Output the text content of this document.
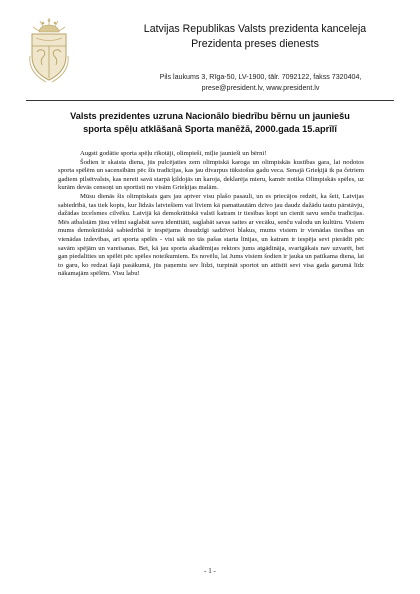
Latvijas Republikas Valsts prezidenta kanceleja
Prezidenta preses dienests
Pils laukums 3, Rīga-50, LV-1900, tālr. 7092122, fakss 7320404,
prese@president.lv, www.president.lv
Valsts prezidentes uzruna Nacionālo biedrību bērnu un jauniešu
sporta spēļu atklāšanā Sporta manēžā, 2000.gada 15.aprīlī

Augsti godātie sporta spēļu rīkotāji, olimpieši, mīļie jaunieši un bērni!

Šodien ir skaista diena, jūs pulcējaties zem olimpiskā karoga un olimpiskās kustības gara, lai nodotos sporta spēlēm un sacensībām pēc šīs tradīcijas, kas jau divarpus tūkstošus gadu veca. Senajā Grieķijā ik pa četriem gadiem pilsētvalsts, kas nereti savā starpā ķildojās un karoja, deklarēja mieru, kamēr notika Olimpiskās spēles, uz kurām devās censoņi un sportisti no visām Grieķijas malām.

Mūsu dienās šis olimpiskais gars jau aptver visu plašo pasauli, un es priecājos redzēt, ka šeit, Latvijas sabiedrībā, tas tiek kopts, kur līdzās latviešiem vai līviem kā pamattautām dzīvo jau daudz dažādu tautu pārstāvju, dažādas izcelsmes cilvēku. Latvijā kā demokrātiskā valstī katram ir tiesības kopt un cienīt savu senču tradīcijas. Mēs atbalstām jūsu vēlmi saglabāt savu identitāti, saglabāt savas saites ar vecāku, senču valodu un kultūru. Visiem mums demokrātiskā sabiedrībā ir iespējams draudzīgi sadzīvot blakus, mums visiem ir vienādas tiesības un vienādas izdevības, arī sporta spēlēs - visi sāk no tās pašas starta līnijas, un katram ir iespēja sevi pierādīt pēc savām spējām un vareīsanas. Bet, kā jau sporta akadēmijas rektors jums atgādināja, svarīgākais nav uzvarēt, bet gan piedalīties un spēlēt pēc spēles noteikumiem. Es novēlu, lai Jums visiem šodien ir jauka un patīkama diena, lai to garu, ko redzat šajā pasākumā, jūs paņemtu sev līdzi, turpināt sportot un attīstīt sevi visa gada garumā līdz nākamajām spēlēm. Visu labu!

- 1 -
